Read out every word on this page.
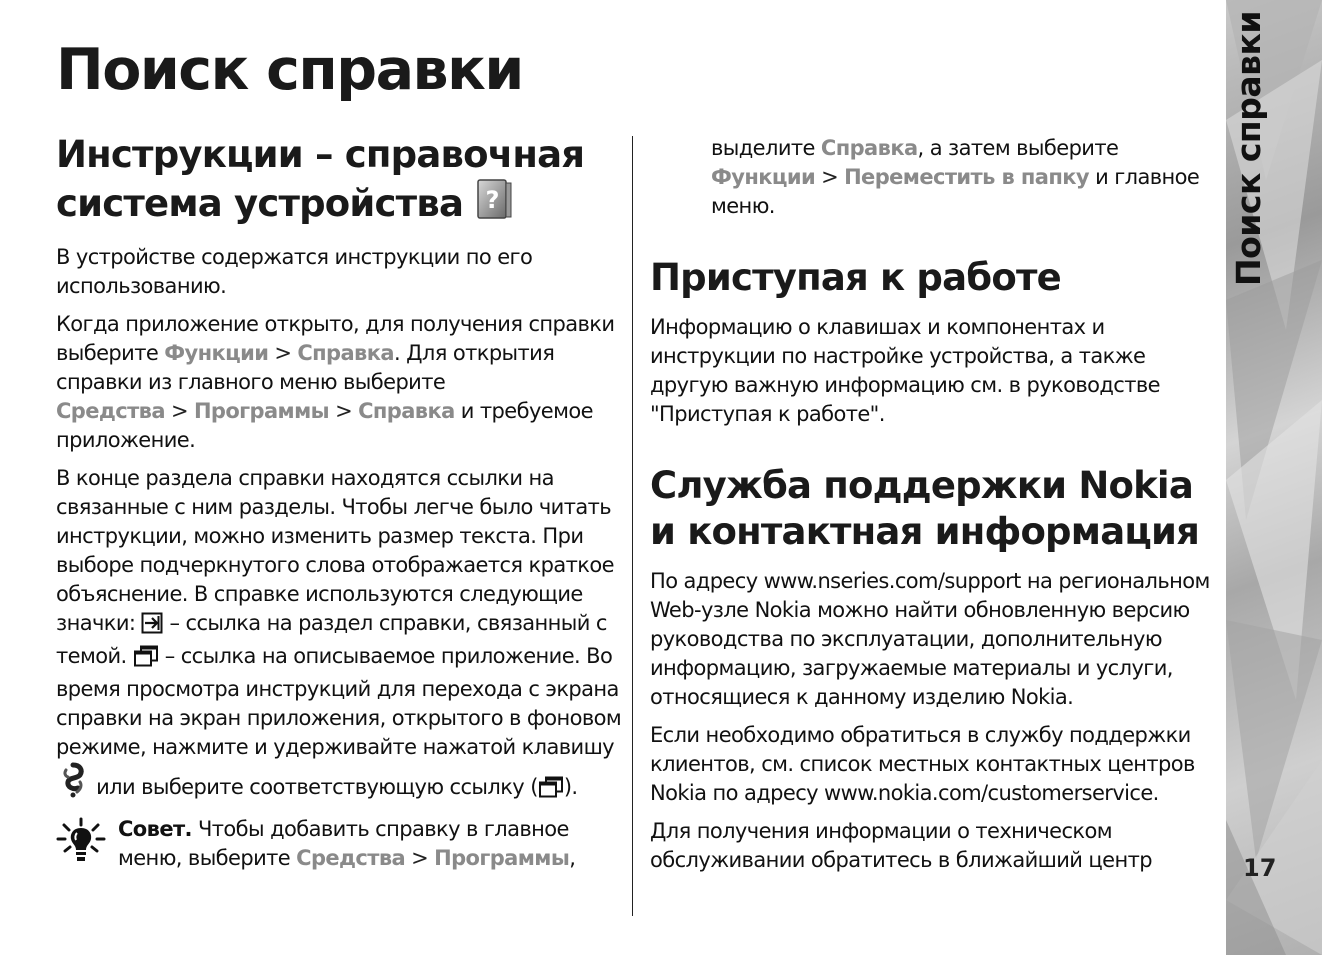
Поиск справки
Инструкции – справочная система устройства ?

В устройстве содержатся инструкции по его использованию.

Когда приложение открыто, для получения справки выберите Функции > Справка. Для открытия справки из главного меню выберите Средства > Программы > Справка и требуемое приложение.

В конце раздела справки находятся ссылки на связанные с ним разделы. Чтобы легче было читать инструкции, можно изменить размер текста. При выборе подчеркнутого слова отображается краткое объяснение. В справке используются следующие значки: – ссылка на раздел справки, связанный с темой. – ссылка на описываемое приложение. Во время просмотра инструкций для перехода с экрана справки на экран приложения, открытого в фоновом режиме, нажмите и удерживайте нажатой клавишу  или выберите соответствующую ссылку ( ).

Совет. Чтобы добавить справку в главное меню, выберите Средства > Программы,

выделите Справка, а затем выберите Функции > Переместить в папку и главное меню.

Приступая к работе

Информацию о клавишах и компонентах и инструкции по настройке устройства, а также другую важную информацию см. в руководстве "Приступая к работе".

Служба поддержки Nokia и контактная информация

По адресу www.nseries.com/support на региональном Web-узле Nokia можно найти обновленную версию руководства по эксплуатации, дополнительную информацию, загружаемые материалы и услуги, относящиеся к данному изделию Nokia.

Если необходимо обратиться в службу поддержки клиентов, см. список местных контактных центров Nokia по адресу www.nokia.com/customerservice.

Для получения информации о техническом обслуживании обратитесь в ближайший центр

Поиск справки
17
